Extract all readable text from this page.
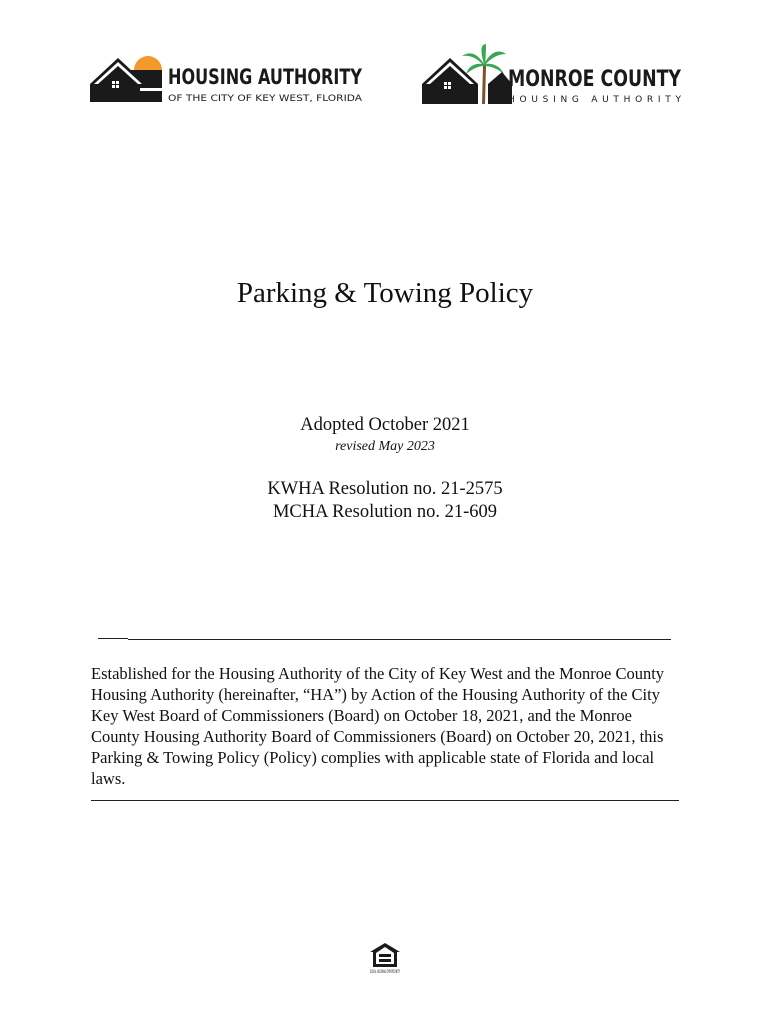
HOUSING AUTHORITY
OF THE CITY OF KEY WEST, FLORIDA
MONROE COUNTY
HOUSING AUTHORITY
Parking & Towing Policy

Adopted October 2021

revised May 2023

KWHA Resolution no. 21-2575

MCHA Resolution no. 21-609

Established for the Housing Authority of the City of Key West and the Monroe County Housing Authority (hereinafter, “HA”) by Action of the Housing Authority of the City Key West Board of Commissioners (Board) on October 18, 2021, and the Monroe County Housing Authority Board of Commissioners (Board) on October 20, 2021, this Parking & Towing Policy (Policy) complies with applicable state of Florida and local laws.

EQUAL HOUSING OPPORTUNITY
